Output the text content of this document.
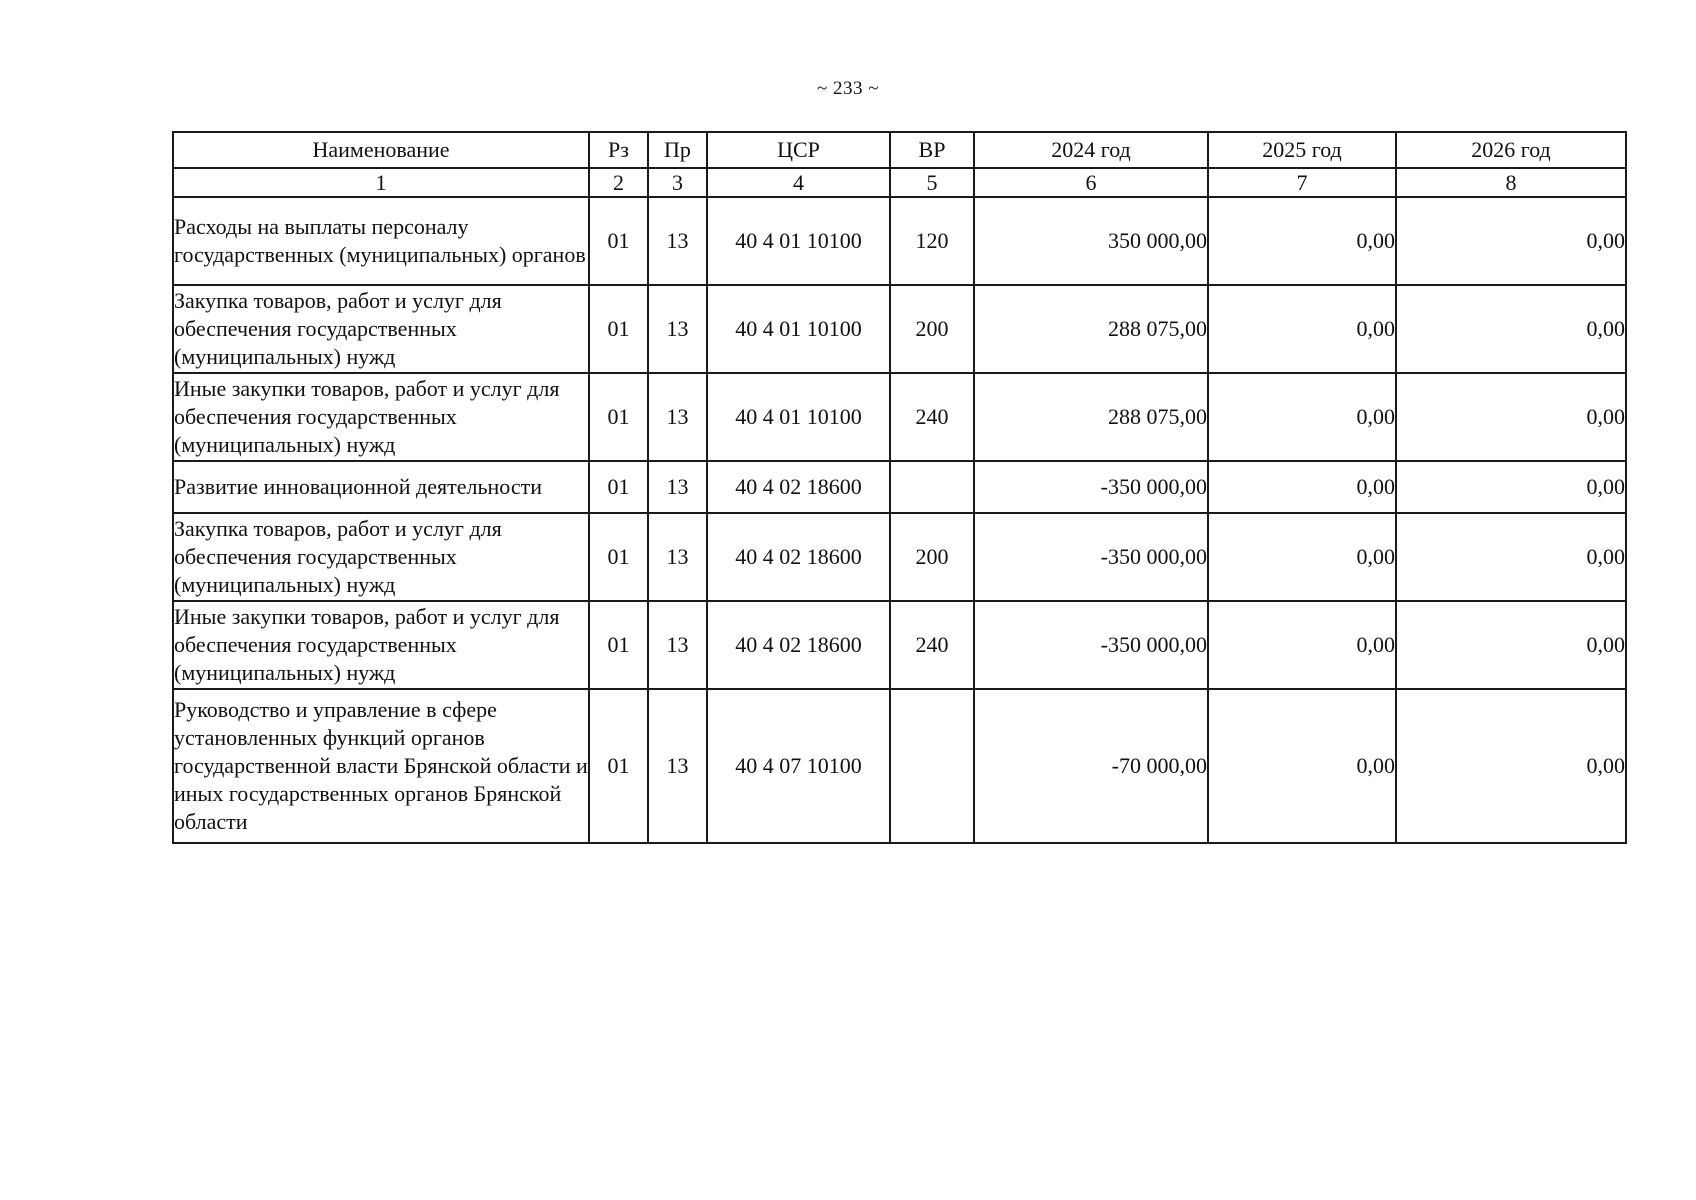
~ 233 ~
Наименование	Рз	Пр	ЦСР	ВР	2024 год	2025 год	2026 год
1	2	3	4	5	6	7	8
Расходы на выплаты персоналу государственных (муниципальных) органов	01	13	40 4 01 10100	120	350 000,00	0,00	0,00
Закупка товаров, работ и услуг для обеспечения государственных (муниципальных) нужд	01	13	40 4 01 10100	200	288 075,00	0,00	0,00
Иные закупки товаров, работ и услуг для обеспечения государственных (муниципальных) нужд	01	13	40 4 01 10100	240	288 075,00	0,00	0,00
Развитие инновационной деятельности	01	13	40 4 02 18600		-350 000,00	0,00	0,00
Закупка товаров, работ и услуг для обеспечения государственных (муниципальных) нужд	01	13	40 4 02 18600	200	-350 000,00	0,00	0,00
Иные закупки товаров, работ и услуг для обеспечения государственных (муниципальных) нужд	01	13	40 4 02 18600	240	-350 000,00	0,00	0,00
Руководство и управление в сфере установленных функций органов государственной власти Брянской области и иных государственных органов Брянской области	01	13	40 4 07 10100		-70 000,00	0,00	0,00
